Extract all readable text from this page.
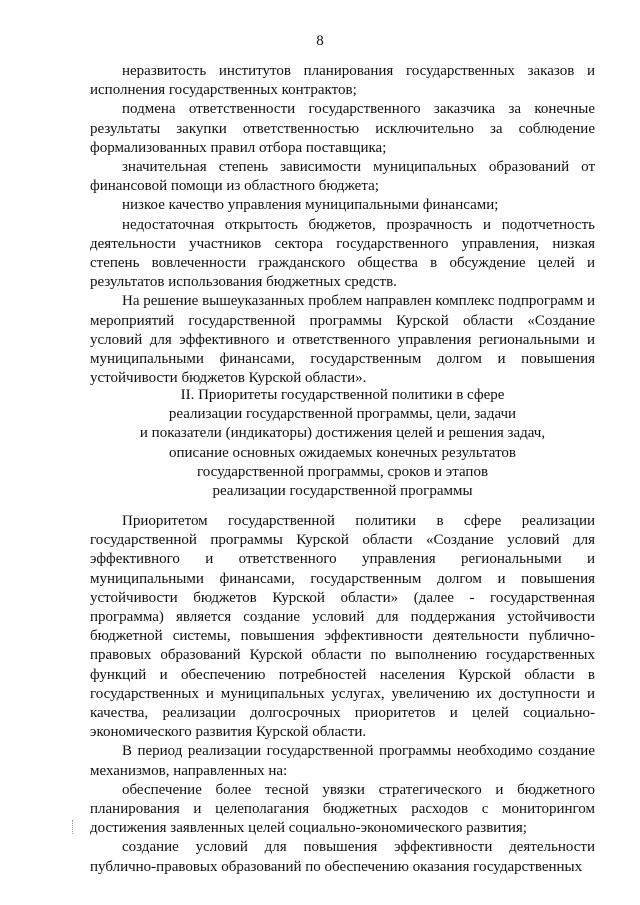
8

неразвитость институтов планирования государственных заказов и исполнения государственных контрактов;

подмена ответственности государственного заказчика за конечные результаты закупки ответственностью исключительно за соблюдение формализованных правил отбора поставщика;

значительная степень зависимости муниципальных образований от финансовой помощи из областного бюджета;

низкое качество управления муниципальными финансами;

недостаточная открытость бюджетов, прозрачность и подотчетность деятельности участников сектора государственного управления, низкая степень вовлеченности гражданского общества в обсуждение целей и результатов использования бюджетных средств.

На решение вышеуказанных проблем направлен комплекс подпрограмм и мероприятий государственной программы Курской области «Создание условий для эффективного и ответственного управления региональными и муниципальными финансами, государственным долгом и повышения устойчивости бюджетов Курской области».

II. Приоритеты государственной политики в сфере
реализации государственной программы, цели, задачи
и показатели (индикаторы) достижения целей и решения задач,
описание основных ожидаемых конечных результатов
государственной программы, сроков и этапов
реализации государственной программы

Приоритетом государственной политики в сфере реализации государственной программы Курской области «Создание условий для эффективного и ответственного управления региональными и муниципальными финансами, государственным долгом и повышения устойчивости бюджетов Курской области» (далее - государственная программа) является создание условий для поддержания устойчивости бюджетной системы, повышения эффективности деятельности публично-правовых образований Курской области по выполнению государственных функций и обеспечению потребностей населения Курской области в государственных и муниципальных услугах, увеличению их доступности и качества, реализации долгосрочных приоритетов и целей социально-экономического развития Курской области.

В период реализации государственной программы необходимо создание механизмов, направленных на:

обеспечение более тесной увязки стратегического и бюджетного планирования и целеполагания бюджетных расходов с мониторингом достижения заявленных целей социально-экономического развития;

создание условий для повышения эффективности деятельности публично-правовых образований по обеспечению оказания государственных
